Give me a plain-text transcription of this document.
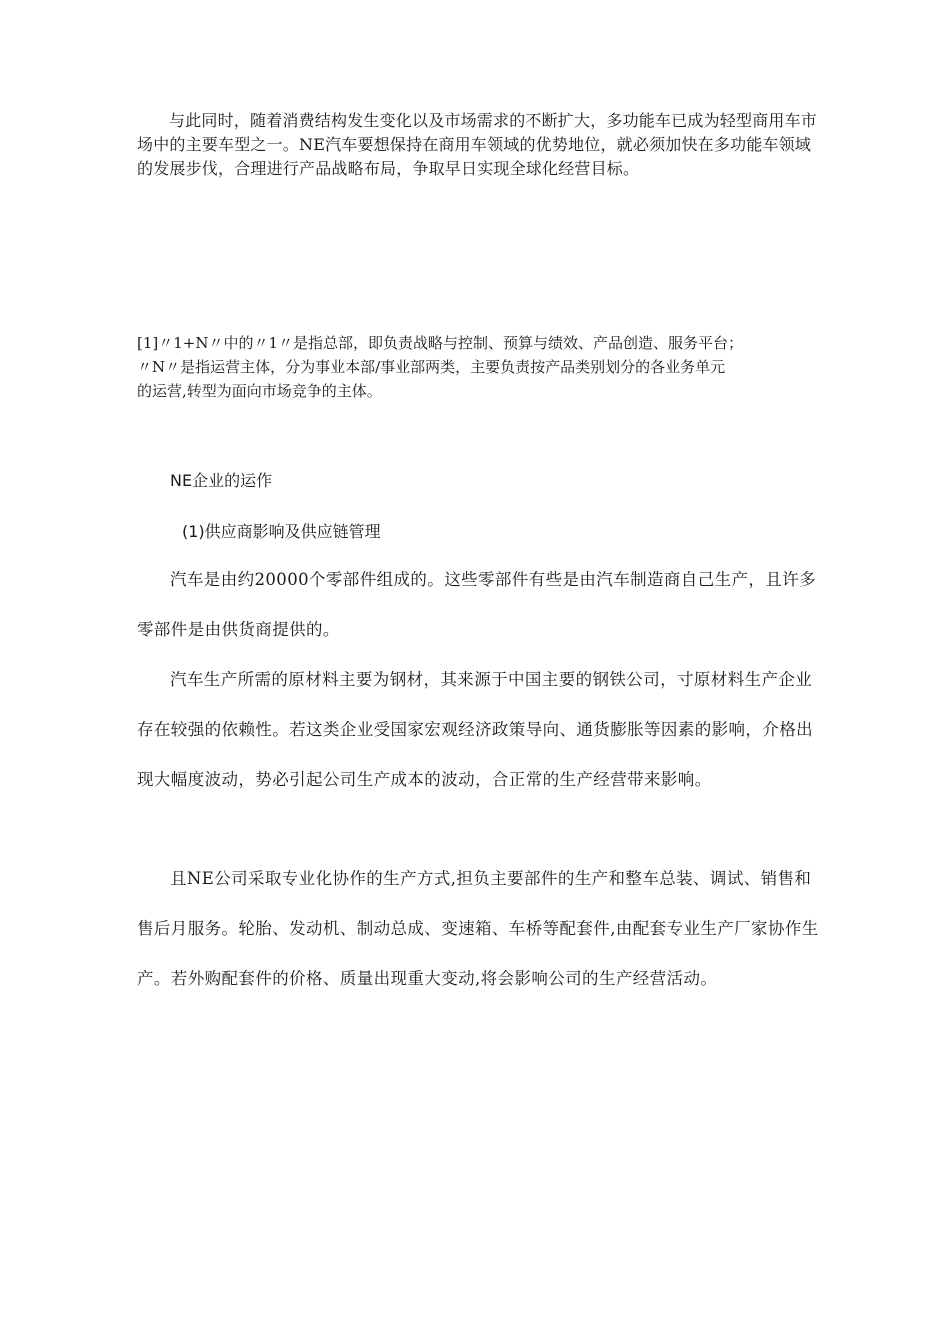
与此同时，随着消费结构发生变化以及市场需求的不断扩大，多功能车已成为轻型商用车市场中的主要车型之一。NE汽车要想保持在商用车领域的优势地位，就必须加快在多功能车领域的发展步伐，合理进行产品战略布局，争取早日实现全球化经营目标。

[1]〃1+N〃中的〃1〃是指总部，即负责战略与控制、预算与绩效、产品创造、服务平台；
〃N〃是指运营主体，分为事业本部/事业部两类，主要负责按产品类别划分的各业务单元
的运营,转型为面向市场竞争的主体。
NE企业的运作
(1)供应商影响及供应链管理

汽车是由约20000个零部件组成的。这些零部件有些是由汽车制造商自己生产，且许多零部件是由供货商提供的。

汽车生产所需的原材料主要为钢材，其来源于中国主要的钢铁公司，寸原材料生产企业存在较强的依赖性。若这类企业受国家宏观经济政策导向、通货膨胀等因素的影响，介格出现大幅度波动，势必引起公司生产成本的波动，合正常的生产经营带来影响。

且NE公司采取专业化协作的生产方式,担负主要部件的生产和整车总装、调试、销售和售后月服务。轮胎、发动机、制动总成、变速箱、车桥等配套件,由配套专业生产厂家协作生产。若外购配套件的价格、质量出现重大变动,将会影响公司的生产经营活动。
